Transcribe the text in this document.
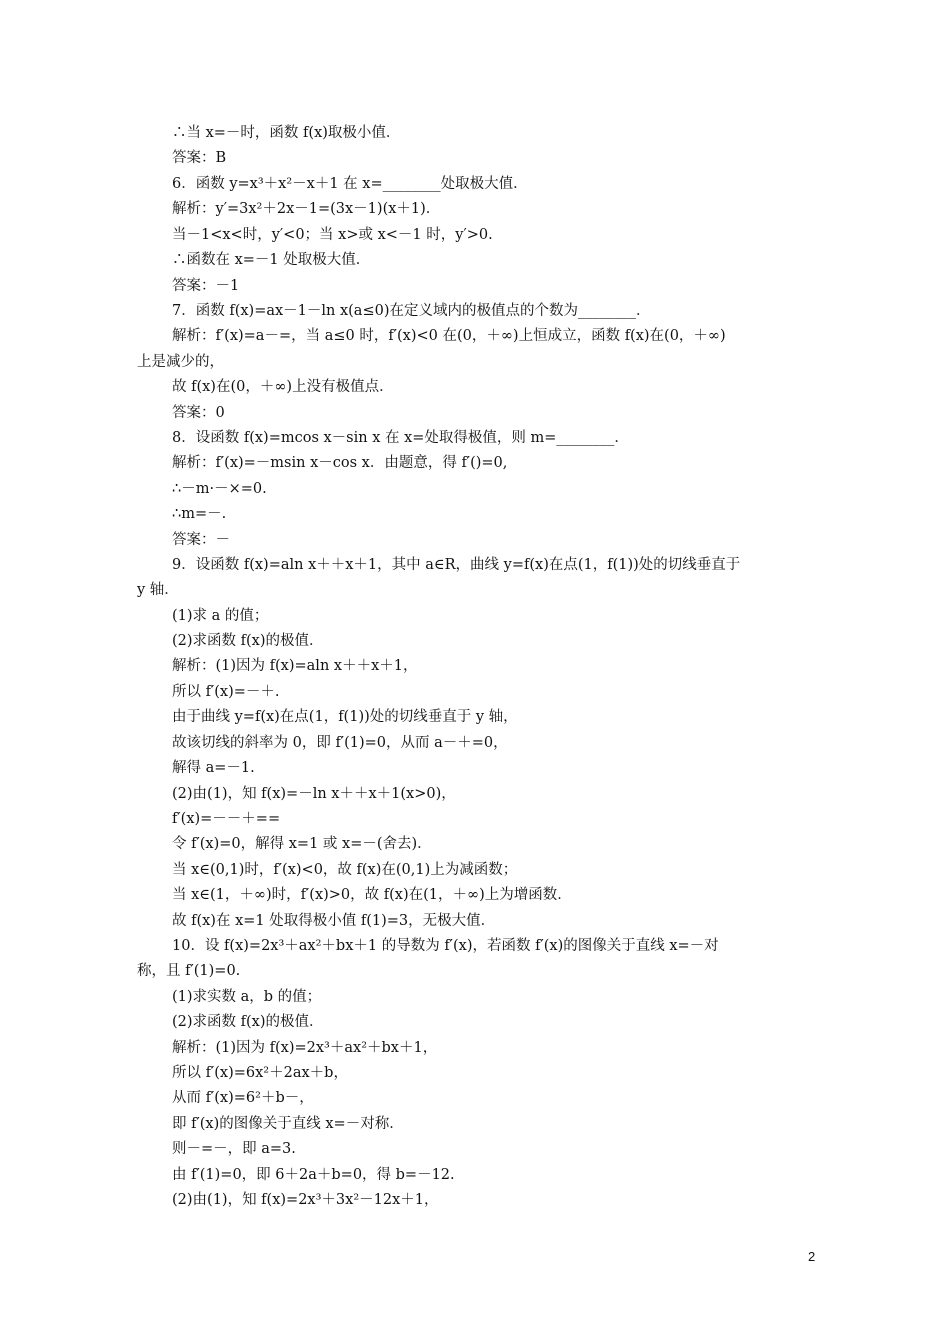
∴当 x=－时，函数 f(x)取极小值．
答案：B
6．函数 y=x³＋x²－x＋1 在 x=________处取极大值．
解析：y′=3x²＋2x－1=(3x－1)(x＋1)．
当－1<x<时，y′<0；当 x>或 x<－1 时，y′>0.
∴函数在 x=－1 处取极大值．
答案：－1
7．函数 f(x)=ax－1－ln x(a≤0)在定义域内的极值点的个数为________．
解析：f′(x)=a－=，当 a≤0 时，f′(x)<0 在(0，＋∞)上恒成立，函数 f(x)在(0，＋∞)
上是减少的，
故 f(x)在(0，＋∞)上没有极值点．
答案：0
8．设函数 f(x)=mcos x－sin x 在 x=处取得极值，则 m=________．
解析：f′(x)=－msin x－cos x．由题意，得 f′()=0,
∴－m·－×=0.
∴m=－.
答案：－
9．设函数 f(x)=aln x＋＋x＋1，其中 a∈R，曲线 y=f(x)在点(1，f(1))处的切线垂直于
y 轴．
(1)求 a 的值；
(2)求函数 f(x)的极值．
解析：(1)因为 f(x)=aln x＋＋x＋1，
所以 f′(x)=－＋.
由于曲线 y=f(x)在点(1，f(1))处的切线垂直于 y 轴，
故该切线的斜率为 0，即 f′(1)=0，从而 a－＋=0，
解得 a=－1.
(2)由(1)，知 f(x)=－ln x＋＋x＋1(x>0)，
f′(x)=－－＋==
令 f′(x)=0，解得 x=1 或 x=－(舍去)．
当 x∈(0,1)时，f′(x)<0，故 f(x)在(0,1)上为减函数；
当 x∈(1，＋∞)时，f′(x)>0，故 f(x)在(1，＋∞)上为增函数．
故 f(x)在 x=1 处取得极小值 f(1)=3，无极大值．
10．设 f(x)=2x³＋ax²＋bx＋1 的导数为 f′(x)，若函数 f′(x)的图像关于直线 x=－对
称，且 f′(1)=0.
(1)求实数 a，b 的值；
(2)求函数 f(x)的极值．
解析：(1)因为 f(x)=2x³＋ax²＋bx＋1，
所以 f′(x)=6x²＋2ax＋b，
从而 f′(x)=6²＋b－，
即 f′(x)的图像关于直线 x=－对称．
则－=－，即 a=3.
由 f′(1)=0，即 6＋2a＋b=0，得 b=－12.
(2)由(1)，知 f(x)=2x³＋3x²－12x＋1，
2
